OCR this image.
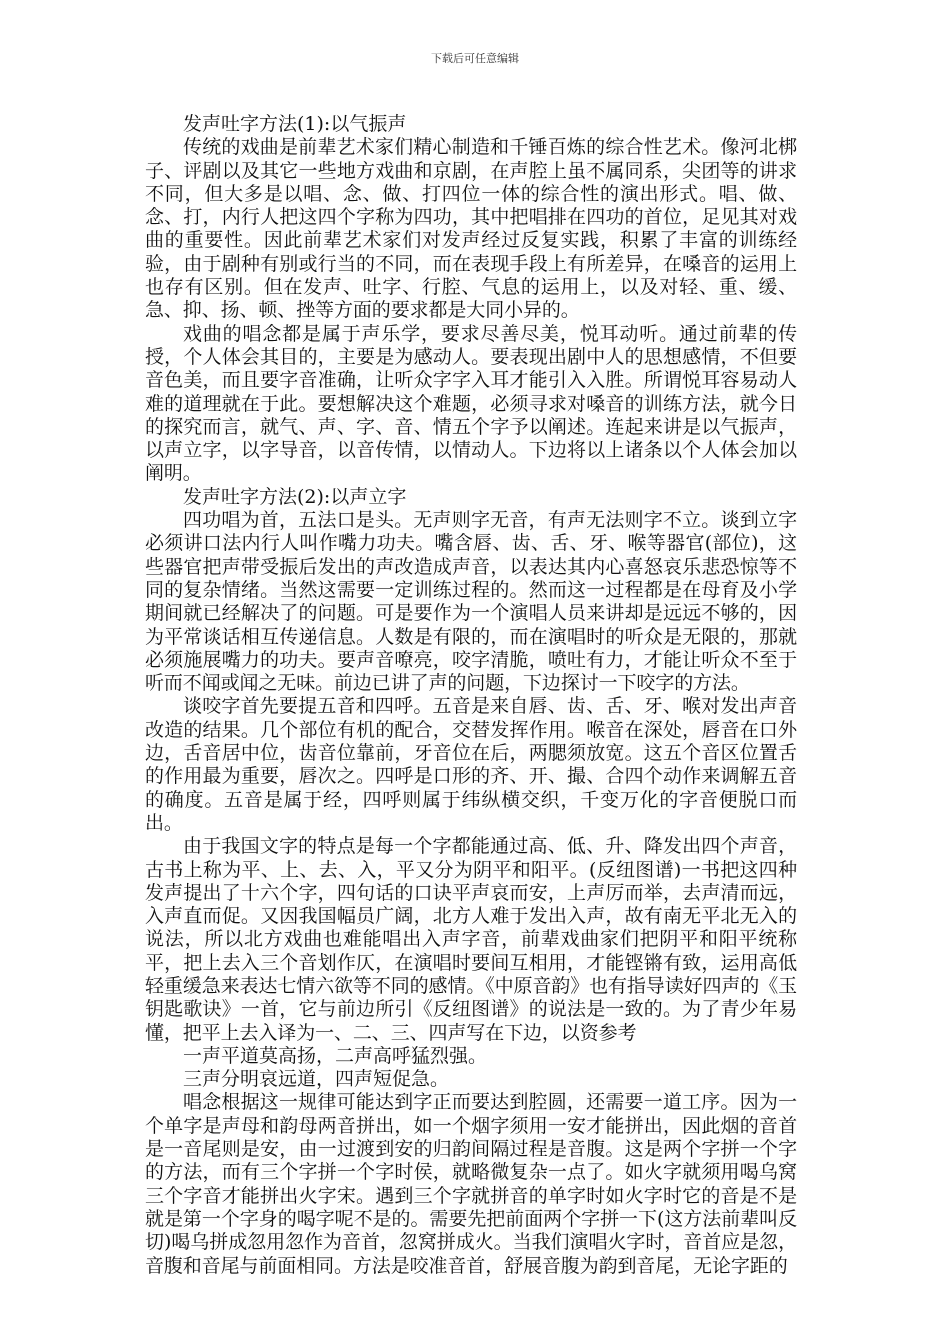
下载后可任意编辑

发声吐字方法(1):以气振声

传统的戏曲是前辈艺术家们精心制造和千锤百炼的综合性艺术。像河北梆子、评剧以及其它一些地方戏曲和京剧，在声腔上虽不属同系，尖团等的讲求不同，但大多是以唱、念、做、打四位一体的综合性的演出形式。唱、做、念、打，内行人把这四个字称为四功，其中把唱排在四功的首位，足见其对戏曲的重要性。因此前辈艺术家们对发声经过反复实践，积累了丰富的训练经验，由于剧种有别或行当的不同，而在表现手段上有所差异，在嗓音的运用上也存有区别。但在发声、吐字、行腔、气息的运用上，以及对轻、重、缓、急、抑、扬、顿、挫等方面的要求都是大同小异的。

戏曲的唱念都是属于声乐学，要求尽善尽美，悦耳动听。通过前辈的传授，个人体会其目的，主要是为感动人。要表现出剧中人的思想感情，不但要音色美，而且要字音准确，让听众字字入耳才能引入入胜。所谓悦耳容易动人难的道理就在于此。要想解决这个难题，必须寻求对嗓音的训练方法，就今日的探究而言，就气、声、字、音、情五个字予以阐述。连起来讲是以气振声，以声立字，以字导音，以音传情，以情动人。下边将以上诸条以个人体会加以阐明。

发声吐字方法(2):以声立字

四功唱为首，五法口是头。无声则字无音，有声无法则字不立。谈到立字必须讲口法内行人叫作嘴力功夫。嘴含唇、齿、舌、牙、喉等器官(部位)，这些器官把声带受振后发出的声改造成声音，以表达其内心喜怒哀乐悲恐惊等不同的复杂情绪。当然这需要一定训练过程的。然而这一过程都是在母育及小学期间就已经解决了的问题。可是要作为一个演唱人员来讲却是远远不够的，因为平常谈话相互传递信息。人数是有限的，而在演唱时的听众是无限的，那就必须施展嘴力的功夫。要声音嘹亮，咬字清脆，喷吐有力，才能让听众不至于听而不闻或闻之无味。前边已讲了声的问题，下边探讨一下咬字的方法。

谈咬字首先要提五音和四呼。五音是来自唇、齿、舌、牙、喉对发出声音改造的结果。几个部位有机的配合，交替发挥作用。喉音在深处，唇音在口外边，舌音居中位，齿音位靠前，牙音位在后，两腮须放宽。这五个音区位置舌的作用最为重要，唇次之。四呼是口形的齐、开、撮、合四个动作来调解五音的确度。五音是属于经，四呼则属于纬纵横交织，千变万化的字音便脱口而出。

由于我国文字的特点是每一个字都能通过高、低、升、降发出四个声音，古书上称为平、上、去、入，平又分为阴平和阳平。(反纽图谱)一书把这四种发声提出了十六个字，四句话的口诀平声哀而安，上声厉而举，去声清而远，入声直而促。又因我国幅员广阔，北方人难于发出入声，故有南无平北无入的说法，所以北方戏曲也难能唱出入声字音，前辈戏曲家们把阴平和阳平统称平，把上去入三个音划作仄，在演唱时要间互相用，才能铿锵有致，运用高低轻重缓急来表达七情六欲等不同的感情。《中原音韵》也有指导读好四声的《玉钥匙歌诀》一首，它与前边所引《反纽图谱》的说法是一致的。为了青少年易懂，把平上去入译为一、二、三、四声写在下边，以资参考

一声平道莫高扬，二声高呼猛烈强。

三声分明哀远道，四声短促急。

唱念根据这一规律可能达到字正而要达到腔圆，还需要一道工序。因为一个单字是声母和韵母两音拼出，如一个烟字须用一安才能拼出，因此烟的音首是一音尾则是安，由一过渡到安的归韵间隔过程是音腹。这是两个字拼一个字的方法，而有三个字拼一个字时侯，就略微复杂一点了。如火字就须用喝乌窝三个字音才能拼出火字宋。遇到三个字就拼音的单字时如火字时它的音是不是就是第一个字身的喝字呢不是的。需要先把前面两个字拼一下(这方法前辈叫反切)喝乌拼成忽用忽作为音首，忽窝拼成火。当我们演唱火字时，音首应是忽，音腹和音尾与前面相同。方法是咬准音首，舒展音腹为韵到音尾，无论字距的
